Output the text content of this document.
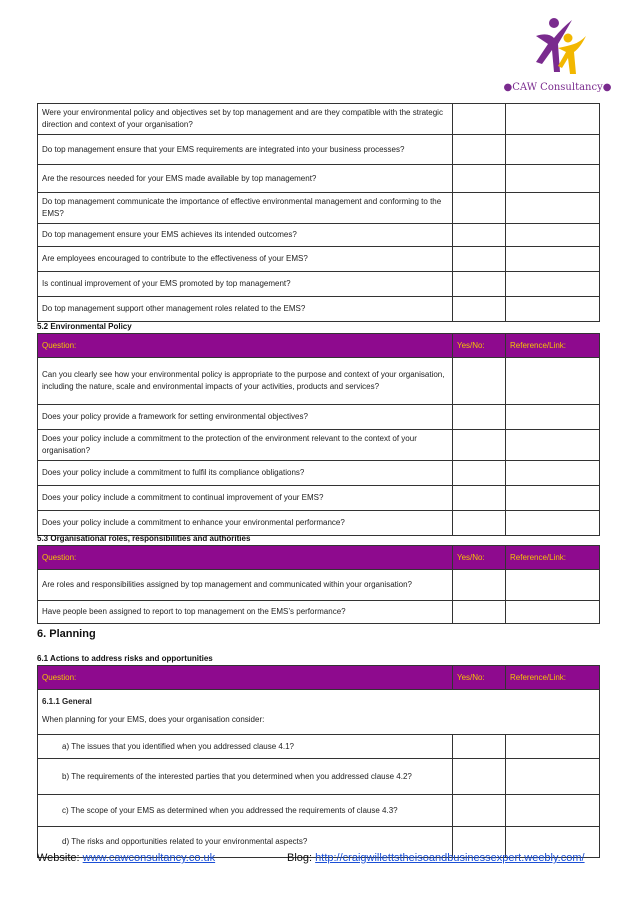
●CAW Consultancy●
Were your environmental policy and objectives set by top management and are they compatible with the strategic direction and context of your organisation?		
Do top management ensure that your EMS requirements are integrated into your business processes?		
Are the resources needed for your EMS made available by top management?		
Do top management communicate the importance of effective environmental management and conforming to the EMS?		
Do top management ensure your EMS achieves its intended outcomes?		
Are employees encouraged to contribute to the effectiveness of your EMS?		
Is continual improvement of your EMS promoted by top management?		
Do top management support other management roles related to the EMS?		
5.2 Environmental Policy
Question:	Yes/No:	Reference/Link:
Can you clearly see how your environmental policy is appropriate to the purpose and context of your organisation, including the nature, scale and environmental impacts of your activities, products and services?		
Does your policy provide a framework for setting environmental objectives?		
Does your policy include a commitment to the protection of the environment relevant to the context of your organisation?		
Does your policy include a commitment to fulfil its compliance obligations?		
Does your policy include a commitment to continual improvement of your EMS?		
Does your policy include a commitment to enhance your environmental performance?		
5.3 Organisational roles, responsibilities and authorities
Question:	Yes/No:	Reference/Link:
Are roles and responsibilities assigned by top management and communicated within your organisation?		
Have people been assigned to report to top management on the EMS’s performance?		
6. Planning
6.1 Actions to address risks and opportunities
Question:	Yes/No:	Reference/Link:

6.1.1 General
When planning for your EMS, does your organisation consider:		

a) The issues that you identified when you addressed clause 4.1?		
b) The requirements of the interested parties that you determined when you addressed clause 4.2?		
c) The scope of your EMS as determined when you addressed the requirements of clause 4.3?		
d) The risks and opportunities related to your environmental aspects?		
Website: www.cawconsultancy.co.uk	Blog: http://craigwillettstheisoandbusinessexpert.weebly.com/
